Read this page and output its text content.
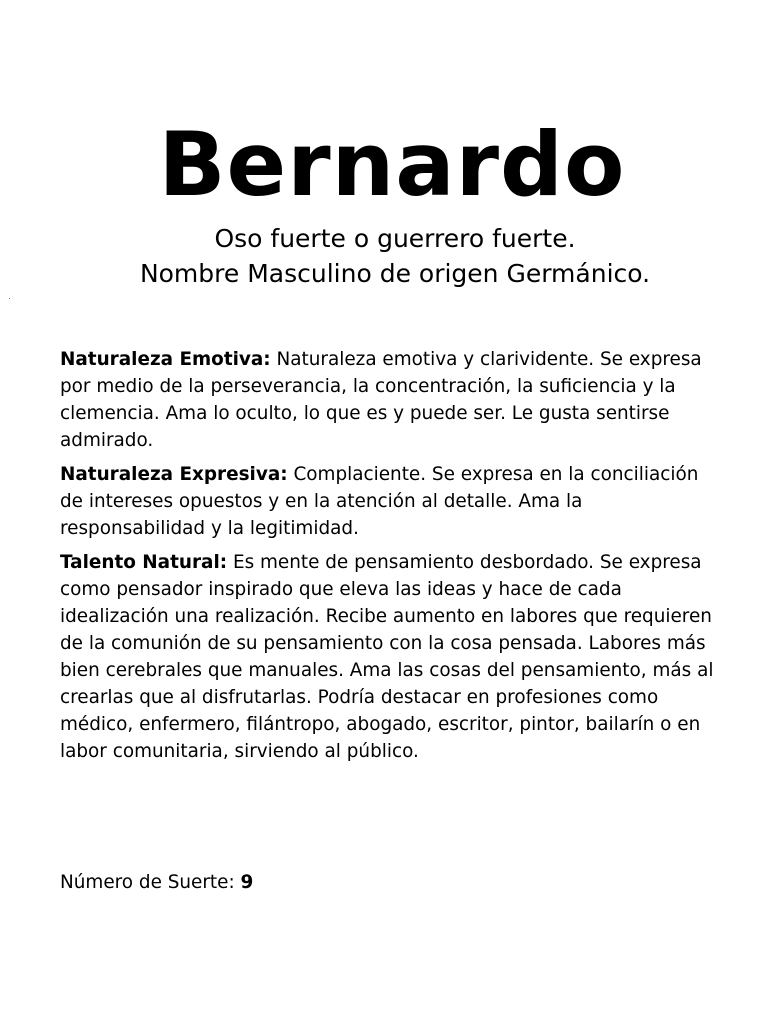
Bernardo
Oso fuerte o guerrero fuerte.
Nombre Masculino de origen Germánico.

Naturaleza Emotiva: Naturaleza emotiva y clarividente. Se expresa por medio de la perseverancia, la concentración, la suficiencia y la clemencia. Ama lo oculto, lo que es y puede ser. Le gusta sentirse admirado.

Naturaleza Expresiva: Complaciente. Se expresa en la conciliación de intereses opuestos y en la atención al detalle. Ama la responsabilidad y la legitimidad.

Talento Natural: Es mente de pensamiento desbordado. Se expresa como pensador inspirado que eleva las ideas y hace de cada idealización una realización. Recibe aumento en labores que requieren de la comunión de su pensamiento con la cosa pensada. Labores más bien cerebrales que manuales. Ama las cosas del pensamiento, más al crearlas que al disfrutarlas. Podría destacar en profesiones como médico, enfermero, filántropo, abogado, escritor, pintor, bailarín o en labor comunitaria, sirviendo al público.

Número de Suerte: 9
